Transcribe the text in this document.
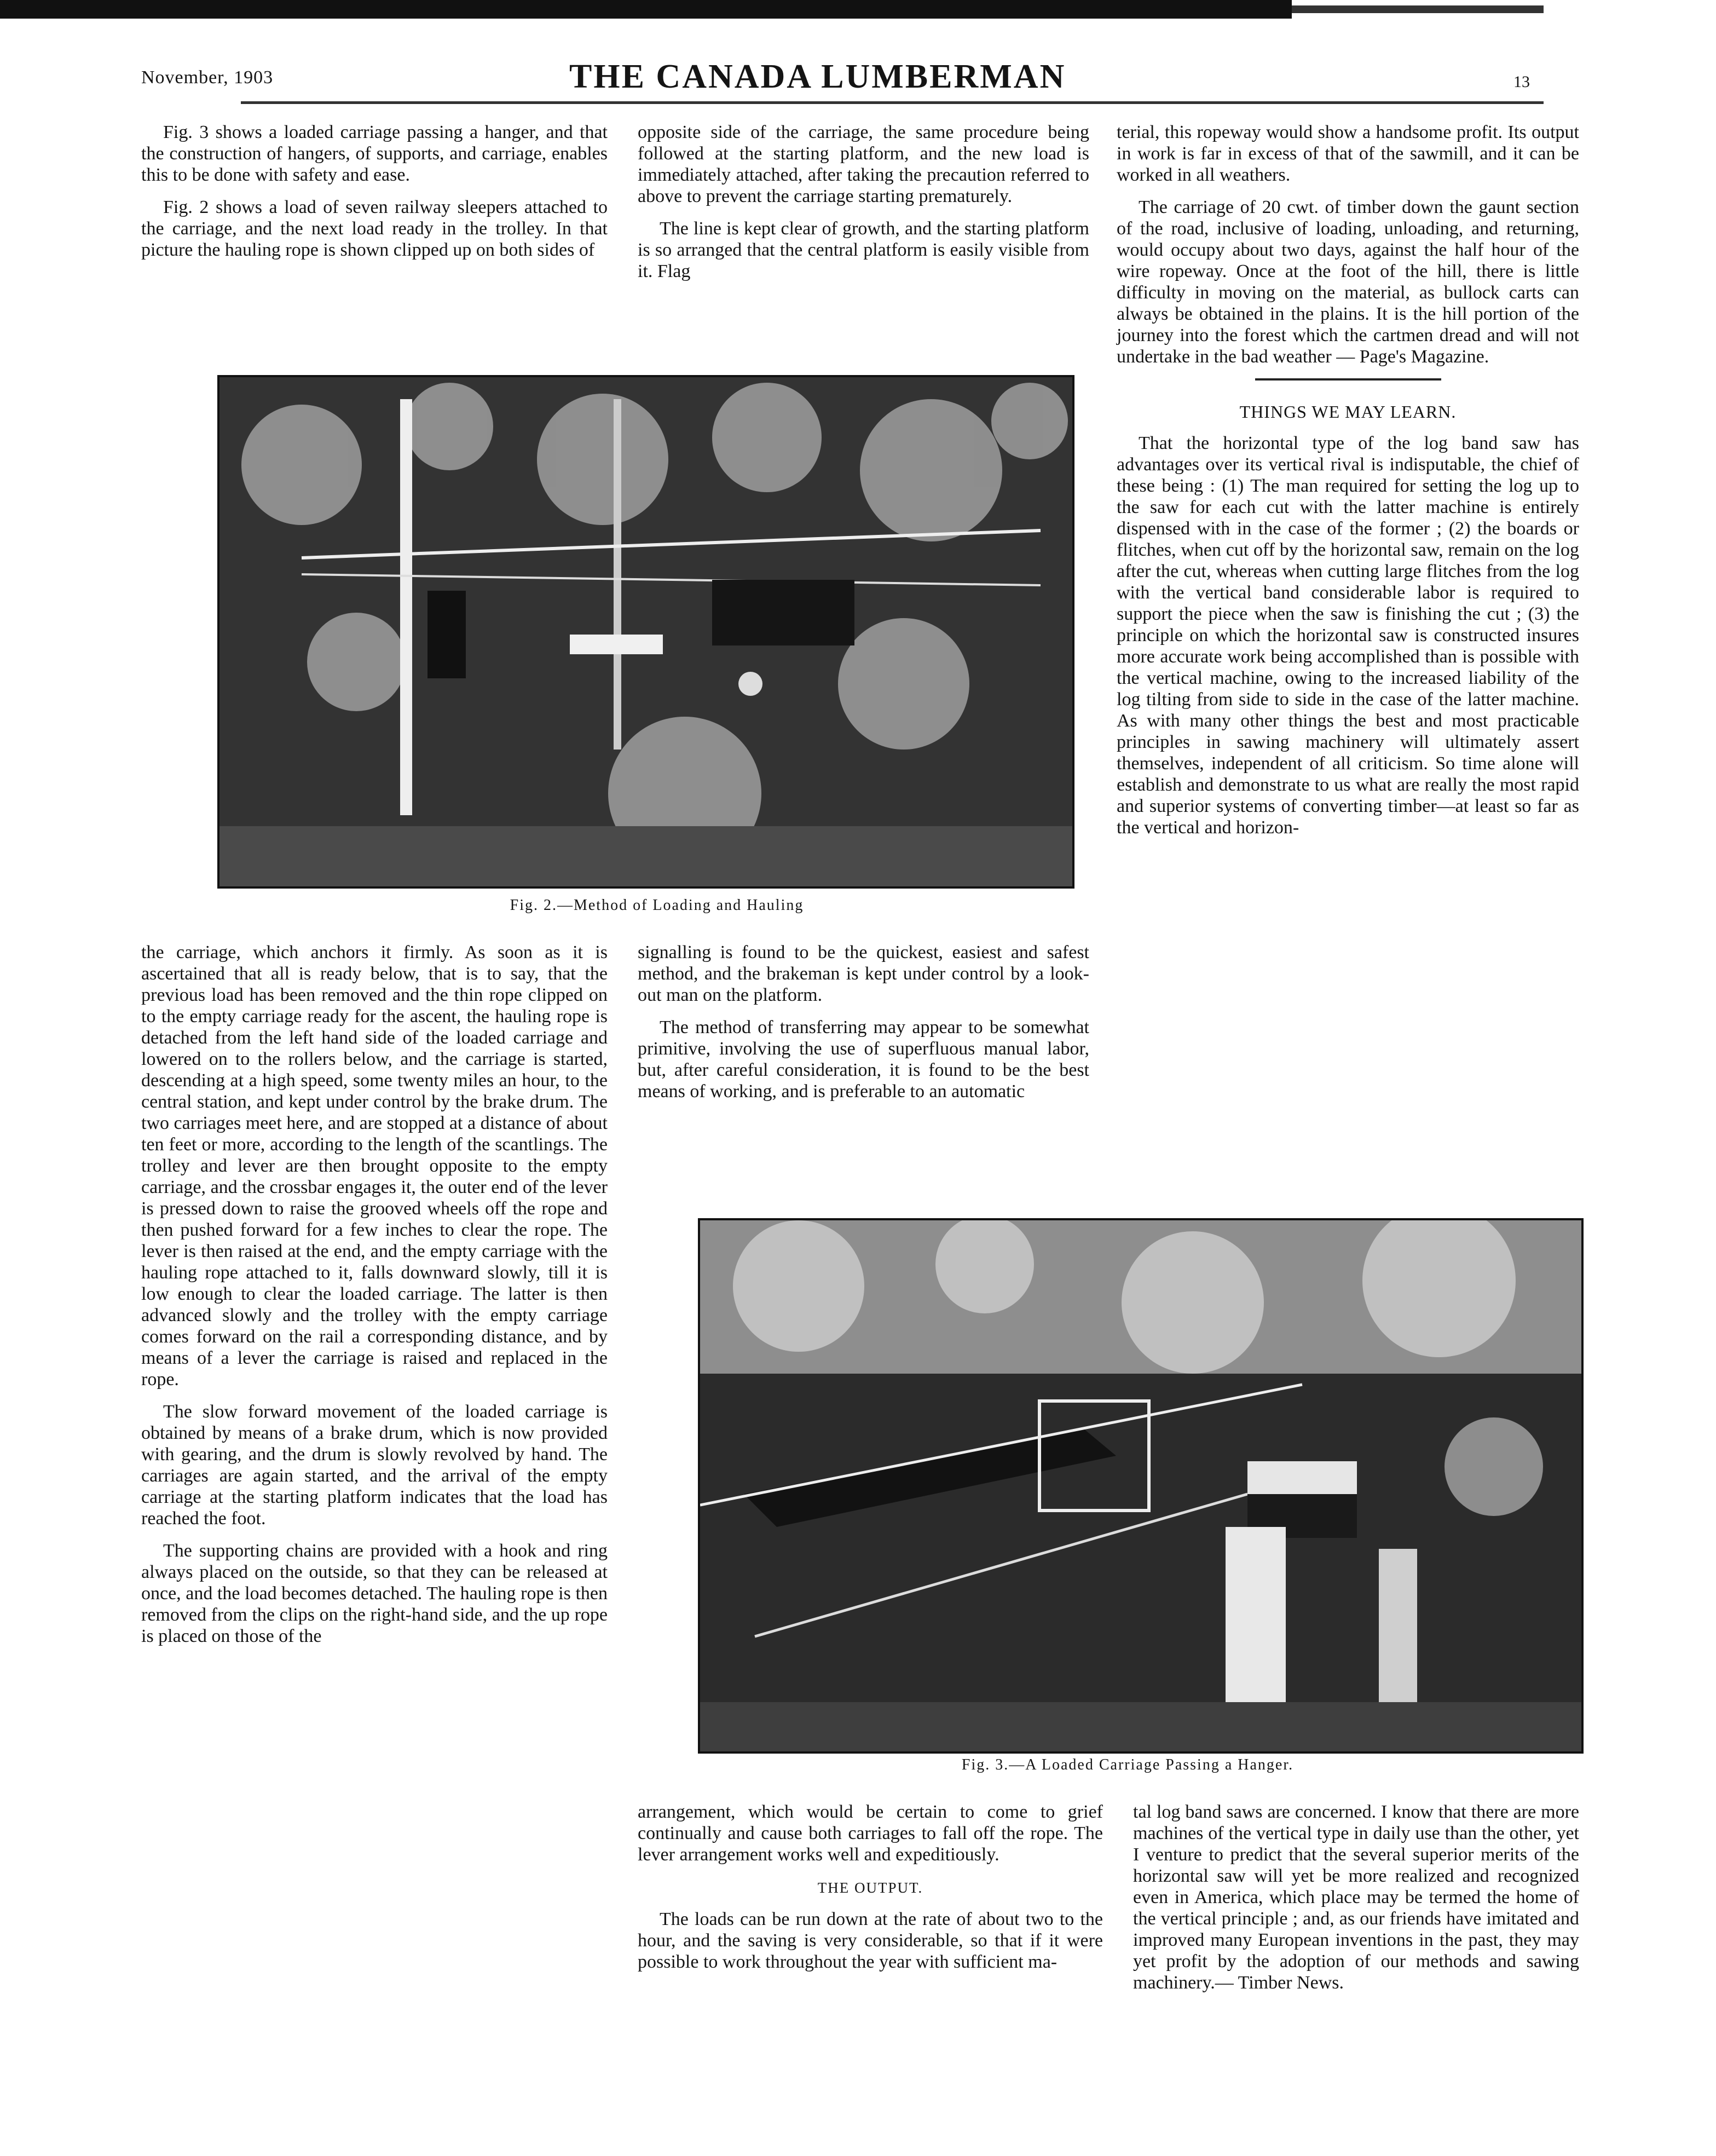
November, 1903	THE CANADA LUMBERMAN	13

Fig. 3 shows a loaded carriage passing a hanger, and that the construction of hangers, of supports, and carriage, enables this to be done with safety and ease.

Fig. 2 shows a load of seven railway sleepers attached to the carriage, and the next load ready in the trolley. In that picture the hauling rope is shown clipped up on both sides of

opposite side of the carriage, the same procedure being followed at the starting platform, and the new load is immediately attached, after taking the precaution referred to above to prevent the carriage starting prematurely.

The line is kept clear of growth, and the starting platform is so arranged that the central platform is easily visible from it. Flag

terial, this ropeway would show a handsome profit. Its output in work is far in excess of that of the sawmill, and it can be worked in all weathers.

The carriage of 20 cwt. of timber down the gaunt section of the road, inclusive of loading, unloading, and returning, would occupy about two days, against the half hour of the wire ropeway. Once at the foot of the hill, there is little difficulty in moving on the material, as bullock carts can always be obtained in the plains. It is the hill portion of the journey into the forest which the cartmen dread and will not undertake in the bad weather — Page's Magazine.

THINGS WE MAY LEARN.

That the horizontal type of the log band saw has advantages over its vertical rival is indisputable, the chief of these being : (1) The man required for setting the log up to the saw for each cut with the latter machine is entirely dispensed with in the case of the former ; (2) the boards or flitches, when cut off by the horizontal saw, remain on the log after the cut, whereas when cutting large flitches from the log with the vertical band considerable labor is required to support the piece when the saw is finishing the cut ; (3) the principle on which the horizontal saw is constructed insures more accurate work being accomplished than is possible with the vertical machine, owing to the increased liability of the log tilting from side to side in the case of the latter machine. As with many other things the best and most practicable principles in sawing machinery will ultimately assert themselves, independent of all criticism. So time alone will establish and demonstrate to us what are really the most rapid and superior systems of converting timber—at least so far as the vertical and horizon-

Fig. 2.—Method of Loading and Hauling

the carriage, which anchors it firmly. As soon as it is ascertained that all is ready below, that is to say, that the previous load has been removed and the thin rope clipped on to the empty carriage ready for the ascent, the hauling rope is detached from the left hand side of the loaded carriage and lowered on to the rollers below, and the carriage is started, descending at a high speed, some twenty miles an hour, to the central station, and kept under control by the brake drum. The two carriages meet here, and are stopped at a distance of about ten feet or more, according to the length of the scantlings. The trolley and lever are then brought opposite to the empty carriage, and the crossbar engages it, the outer end of the lever is pressed down to raise the grooved wheels off the rope and then pushed forward for a few inches to clear the rope. The lever is then raised at the end, and the empty carriage with the hauling rope attached to it, falls downward slowly, till it is low enough to clear the loaded carriage. The latter is then advanced slowly and the trolley with the empty carriage comes forward on the rail a corresponding distance, and by means of a lever the carriage is raised and replaced in the rope.

The slow forward movement of the loaded carriage is obtained by means of a brake drum, which is now provided with gearing, and the drum is slowly revolved by hand. The carriages are again started, and the arrival of the empty carriage at the starting platform indicates that the load has reached the foot.

The supporting chains are provided with a hook and ring always placed on the outside, so that they can be released at once, and the load becomes detached. The hauling rope is then removed from the clips on the right-hand side, and the up rope is placed on those of the

signalling is found to be the quickest, easiest and safest method, and the brakeman is kept under control by a look-out man on the platform.

The method of transferring may appear to be somewhat primitive, involving the use of superfluous manual labor, but, after careful consideration, it is found to be the best means of working, and is preferable to an automatic

Fig. 3.—A Loaded Carriage Passing a Hanger.

arrangement, which would be certain to come to grief continually and cause both carriages to fall off the rope. The lever arrangement works well and expeditiously.

THE OUTPUT.

The loads can be run down at the rate of about two to the hour, and the saving is very considerable, so that if it were possible to work throughout the year with sufficient ma-

tal log band saws are concerned. I know that there are more machines of the vertical type in daily use than the other, yet I venture to predict that the several superior merits of the horizontal saw will yet be more realized and recognized even in America, which place may be termed the home of the vertical principle ; and, as our friends have imitated and improved many European inventions in the past, they may yet profit by the adoption of our methods and sawing machinery.— Timber News.
